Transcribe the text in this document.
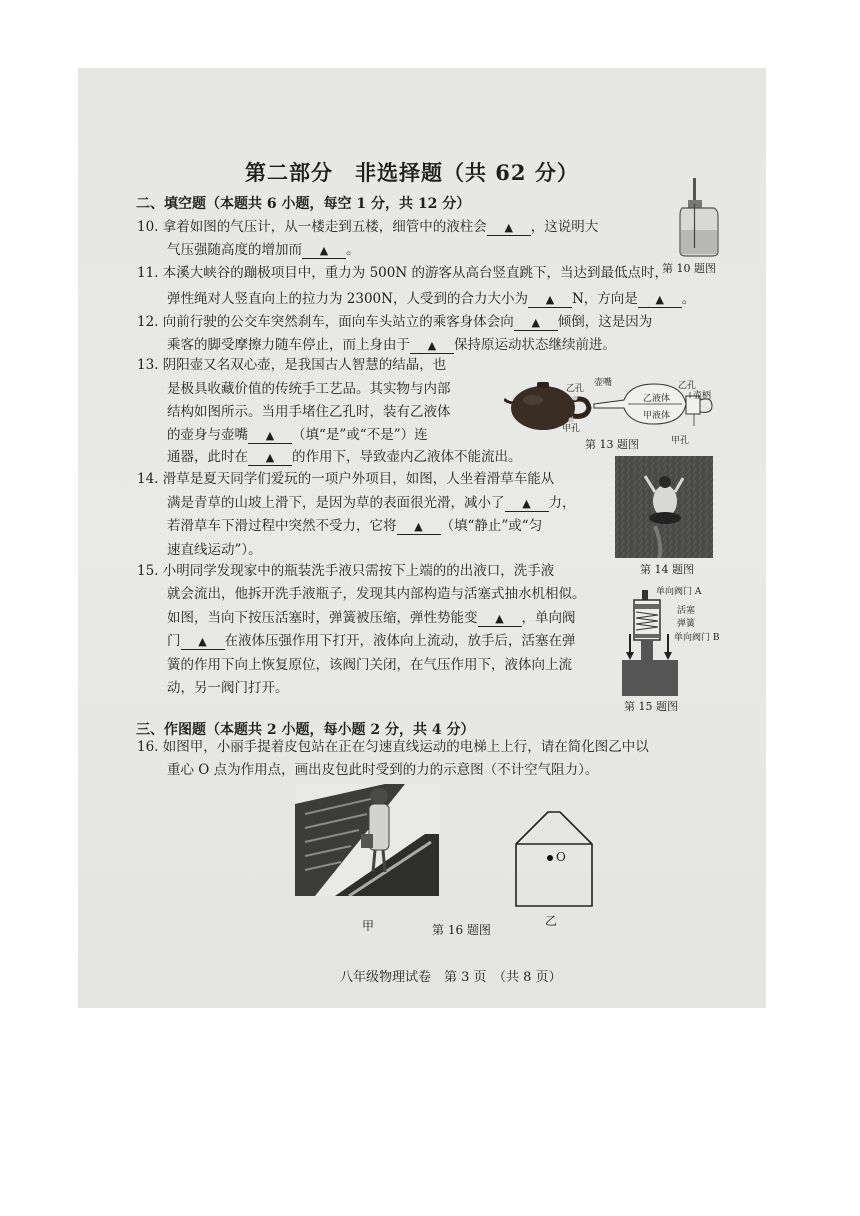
第二部分　非选择题（共 62 分）
二、填空题（本题共 6 小题，每空 1 分，共 12 分）
10. 拿着如图的气压计，从一楼走到五楼，细管中的液柱会 ▲ ，这说明大
气压强随高度的增加而 ▲ 。
第 10 题图
11. 本溪大峡谷的蹦极项目中，重力为 500N 的游客从高台竖直跳下，当达到最低点时，
弹性绳对人竖直向上的拉力为 2300N，人受到的合力大小为 ▲ N，方向是 ▲ 。
12. 向前行驶的公交车突然刹车，面向车头站立的乘客身体会向 ▲ 倾倒，这是因为
乘客的脚受摩擦力随车停止，而上身由于 ▲ 保持原运动状态继续前进。
13. 阴阳壶又名双心壶，是我国古人智慧的结晶，也
是极具收藏价值的传统手工艺品。其实物与内部
结构如图所示。当用手堵住乙孔时，装有乙液体
的壶身与壶嘴 ▲ （填“是”或“不是”）连
通器，此时在 ▲ 的作用下，导致壶内乙液体不能流出。
乙孔
甲孔
壶嘴
乙液体
甲液体
乙孔
壶柄
甲孔
第 13 题图
14. 滑草是夏天同学们爱玩的一项户外项目，如图，人坐着滑草车能从
满是青草的山坡上滑下，是因为草的表面很光滑，减小了 ▲ 力，
若滑草车下滑过程中突然不受力，它将 ▲ （填“静止”或“匀
速直线运动”）。
第 14 题图
15. 小明同学发现家中的瓶装洗手液只需按下上端的的出液口，洗手液
就会流出，他拆开洗手液瓶子，发现其内部构造与活塞式抽水机相似。
如图，当向下按压活塞时，弹簧被压缩，弹性势能变 ▲ ，单向阀
门 ▲ 在液体压强作用下打开，液体向上流动，放手后，活塞在弹
簧的作用下向上恢复原位，该阀门关闭，在气压作用下，液体向上流
动，另一阀门打开。
单向阀门 A
活塞
弹簧
单向阀门 B
第 15 题图
三、作图题（本题共 2 小题，每小题 2 分，共 4 分）
16. 如图甲，小丽手提着皮包站在正在匀速直线运动的电梯上上行，请在简化图乙中以
重心 O 点为作用点，画出皮包此时受到的力的示意图（不计空气阻力）。
甲	第 16 题图
O
乙
八年级物理试卷　第 3 页　（共 8 页）
